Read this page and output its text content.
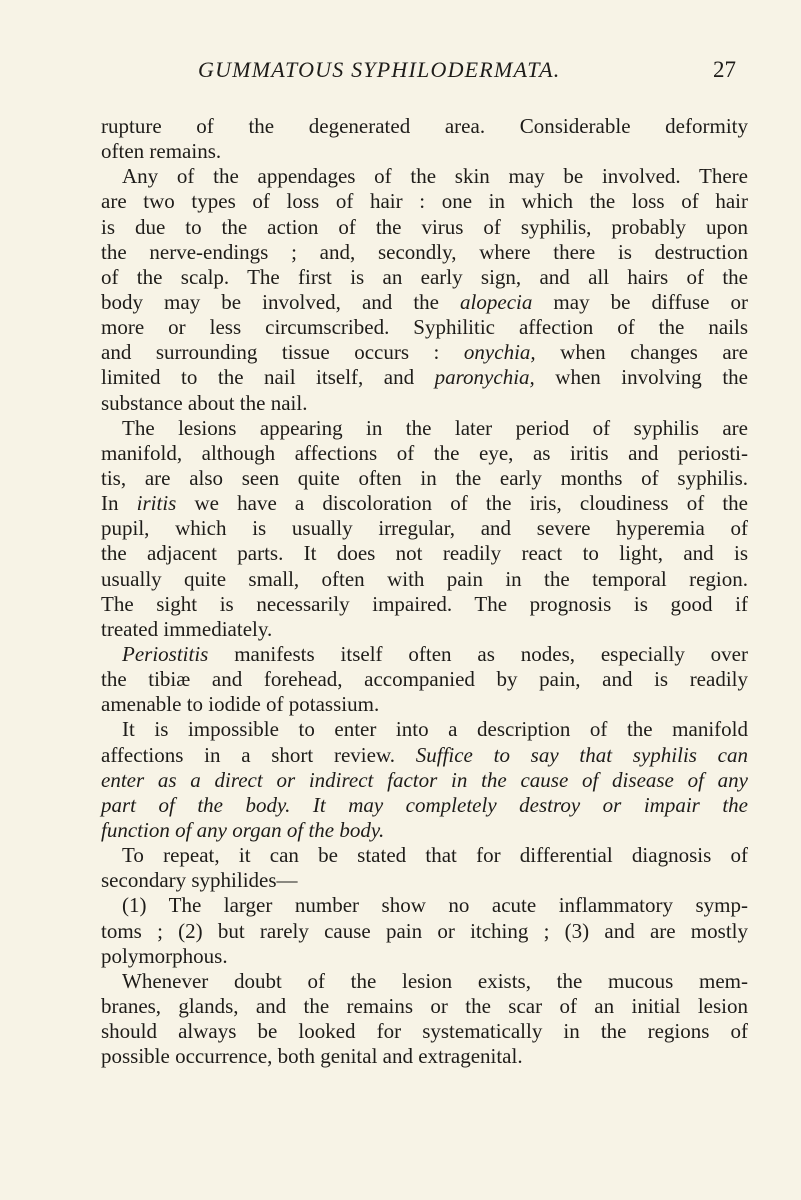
GUMMATOUS SYPHILODERMATA.	27
rupture of the degenerated area. Considerable deformity
often remains.
Any of the appendages of the skin may be involved. There
are two types of loss of hair : one in which the loss of hair
is due to the action of the virus of syphilis, probably upon
the nerve-endings ; and, secondly, where there is destruction
of the scalp. The first is an early sign, and all hairs of the
body may be involved, and the alopecia may be diffuse or
more or less circumscribed. Syphilitic affection of the nails
and surrounding tissue occurs : onychia, when changes are
limited to the nail itself, and paronychia, when involving the
substance about the nail.
The lesions appearing in the later period of syphilis are
manifold, although affections of the eye, as iritis and periosti-
tis, are also seen quite often in the early months of syphilis.
In iritis we have a discoloration of the iris, cloudiness of the
pupil, which is usually irregular, and severe hyperemia of
the adjacent parts. It does not readily react to light, and is
usually quite small, often with pain in the temporal region.
The sight is necessarily impaired. The prognosis is good if
treated immediately.
Periostitis manifests itself often as nodes, especially over
the tibiæ and forehead, accompanied by pain, and is readily
amenable to iodide of potassium.
It is impossible to enter into a description of the manifold
affections in a short review. Suffice to say that syphilis can
enter as a direct or indirect factor in the cause of disease of any
part of the body. It may completely destroy or impair the
function of any organ of the body.
To repeat, it can be stated that for differential diagnosis of
secondary syphilides—
(1) The larger number show no acute inflammatory symp-
toms ; (2) but rarely cause pain or itching ; (3) and are mostly
polymorphous.
Whenever doubt of the lesion exists, the mucous mem-
branes, glands, and the remains or the scar of an initial lesion
should always be looked for systematically in the regions of
possible occurrence, both genital and extragenital.
